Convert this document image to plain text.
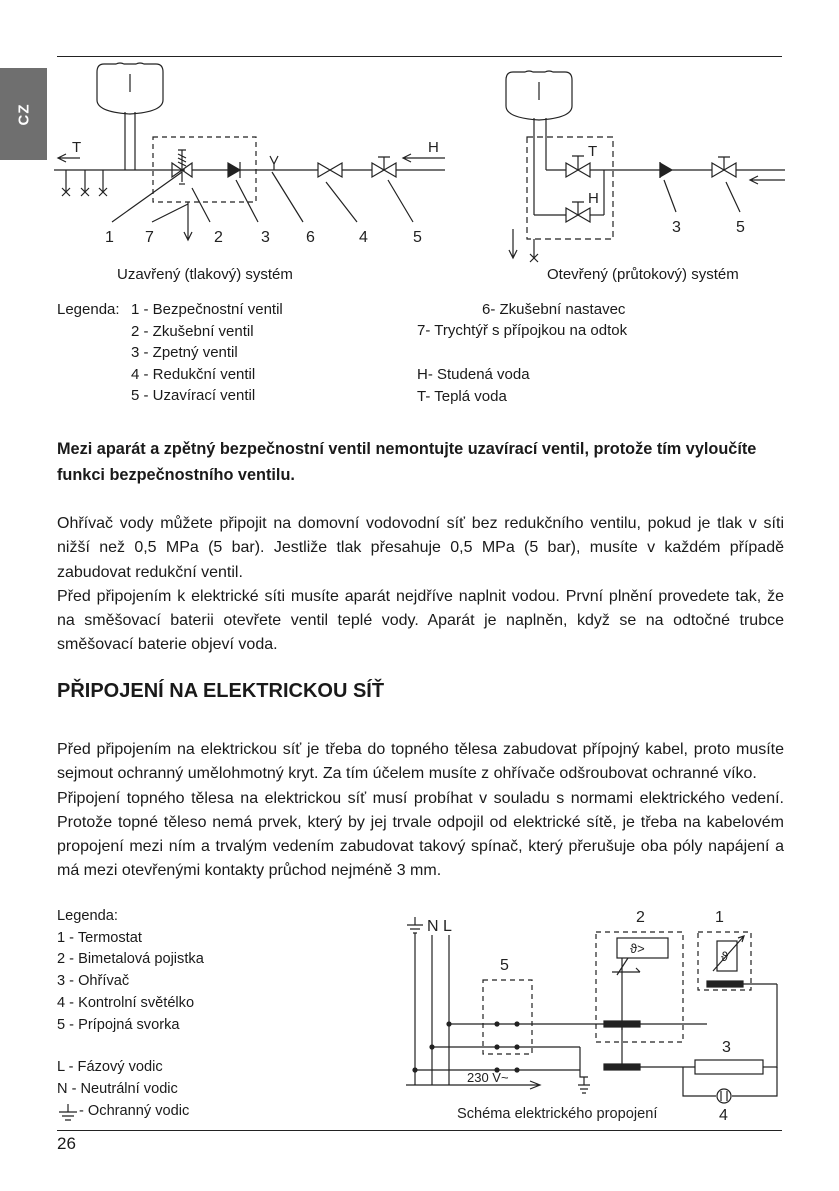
CZ
T	H
1 7	2 3 6	4	5
T
H
3	5
Uzavřený (tlakový) systém	Otevřený (průtokový) systém
Legenda: 1 - Bezpečnostní ventil
2 - Zkušební ventil
3 - Zpetný ventil
4 - Redukční ventil
5 - Uzavírací ventil
6- Zkušební nastavec
7- Trychtýř s přípojkou na odtok
H- Studená voda
T- Teplá voda
Mezi aparát a zpětný bezpečnostní ventil nemontujte uzavírací ventil, protože tím vyloučíte funkci bezpečnostního ventilu.

Ohřívač vody můžete připojit na domovní vodovodní síť bez redukčního ventilu, pokud je tlak v síti nižší než 0,5 MPa (5 bar). Jestliže tlak přesahuje 0,5 MPa (5 bar), musíte v každém případě zabudovat redukční ventil.

Před připojením k elektrické síti musíte aparát nejdříve naplnit vodou. První plnění provedete tak, že na směšovací baterii otevřete ventil teplé vody. Aparát je naplněn, když se na odtočné trubce směšovací baterie objeví voda.

PŘIPOJENÍ NA ELEKTRICKOU SÍŤ

Před připojením na elektrickou síť je třeba do topného tělesa zabudovat přípojný kabel, proto musíte sejmout ochranný umělohmotný kryt. Za tím účelem musíte z ohřívače odšroubovat ochranné víko.

Připojení topného tělesa na elektrickou síť musí probíhat v souladu s normami elektrického vedení. Protože topné těleso nemá prvek, který by jej trvale odpojil od elektrické sítě, je třeba na kabelovém propojení mezi ním a trvalým vedením zabudovat takový spínač, který přerušuje oba póly napájení a má mezi otevřenými kontakty průchod nejméně 3 mm.

Legenda:
1 - Termostat
2 - Bimetalová pojistka
3 - Ohřívač
4 - Kontrolní světélko
5 - Prípojná svorka
L - Fázový vodic
N - Neutrální vodic
- Ochranný vodic
N L
5
230 V~
2
ϑ>
1
ϑ
3
4
Schéma elektrického propojení
26
